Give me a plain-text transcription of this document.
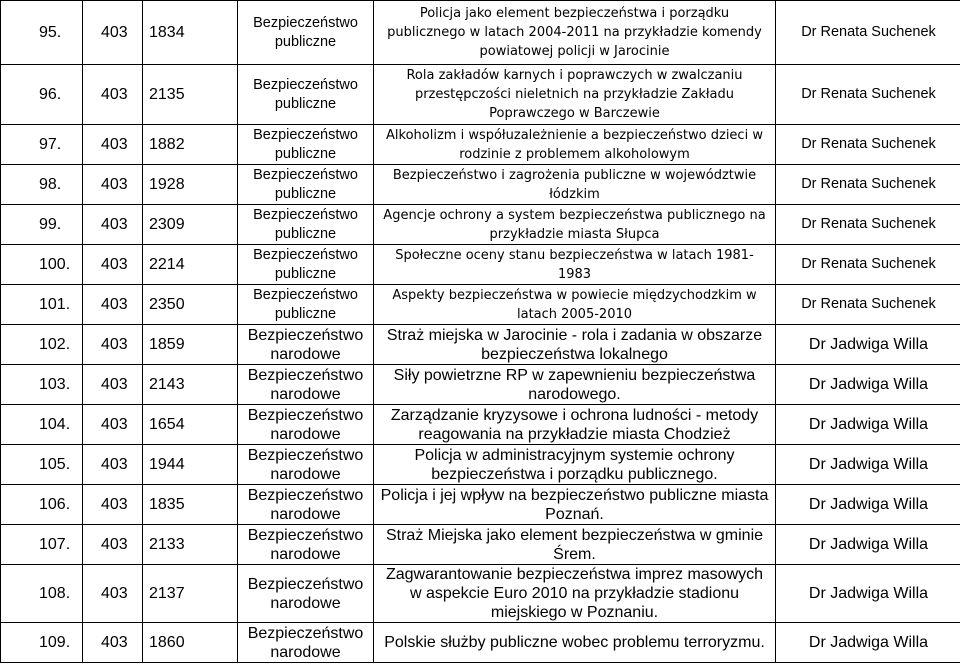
95.	403	1834	Bezpieczeństwo publiczne	Policja jako element bezpieczeństwa i porządku publicznego w latach 2004-2011 na przykładzie komendy powiatowej policji w Jarocinie	Dr Renata Suchenek
96.	403	2135	Bezpieczeństwo publiczne	Rola zakładów karnych i poprawczych w zwalczaniu przestępczości nieletnich na przykładzie Zakładu Poprawczego w Barczewie	Dr Renata Suchenek
97.	403	1882	Bezpieczeństwo publiczne	Alkoholizm i współuzależnienie a bezpieczeństwo dzieci w rodzinie z problemem alkoholowym	Dr Renata Suchenek
98.	403	1928	Bezpieczeństwo publiczne	Bezpieczeństwo i zagrożenia publiczne w województwie łódzkim	Dr Renata Suchenek
99.	403	2309	Bezpieczeństwo publiczne	Agencje ochrony a system bezpieczeństwa publicznego na przykładzie miasta Słupca	Dr Renata Suchenek
100.	403	2214	Bezpieczeństwo publiczne	Społeczne oceny stanu bezpieczeństwa w latach 1981-1983	Dr Renata Suchenek
101.	403	2350	Bezpieczeństwo publiczne	Aspekty bezpieczeństwa w powiecie międzychodzkim w latach 2005-2010	Dr Renata Suchenek
102.	403	1859	Bezpieczeństwo narodowe	Straż miejska w Jarocinie - rola i zadania w obszarze bezpieczeństwa lokalnego	Dr Jadwiga Willa
103.	403	2143	Bezpieczeństwo narodowe	Siły powietrzne RP w zapewnieniu bezpieczeństwa narodowego.	Dr Jadwiga Willa
104.	403	1654	Bezpieczeństwo narodowe	Zarządzanie kryzysowe i ochrona ludności - metody reagowania na przykładzie miasta Chodzież	Dr Jadwiga Willa
105.	403	1944	Bezpieczeństwo narodowe	Policja w administracyjnym systemie ochrony bezpieczeństwa i porządku publicznego.	Dr Jadwiga Willa
106.	403	1835	Bezpieczeństwo narodowe	Policja i jej wpływ na bezpieczeństwo publiczne miasta Poznań.	Dr Jadwiga Willa
107.	403	2133	Bezpieczeństwo narodowe	Straż Miejska jako element bezpieczeństwa w gminie Śrem.	Dr Jadwiga Willa
108.	403	2137	Bezpieczeństwo narodowe	Zagwarantowanie bezpieczeństwa imprez masowych w aspekcie Euro 2010 na przykładzie stadionu miejskiego w Poznaniu.	Dr Jadwiga Willa
109.	403	1860	Bezpieczeństwo narodowe	Polskie służby publiczne wobec problemu terroryzmu.	Dr Jadwiga Willa
